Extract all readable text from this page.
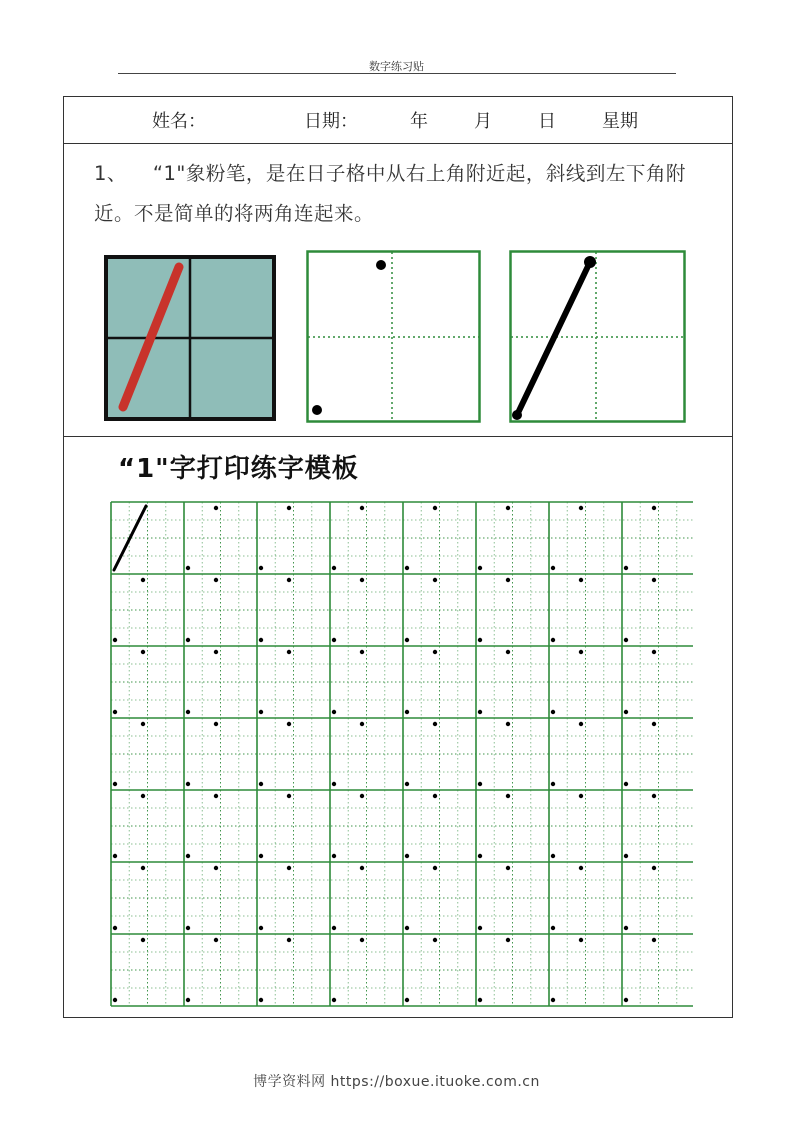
数字练习贴
姓名：	日期：	年	月	日	星期
1、 “1"象粉笔，是在日子格中从右上角附近起，斜线到左下角附近。不是简单的将两角连起来。
“1"字打印练字模板
博学资料网 https://boxue.ituoke.com.cn
